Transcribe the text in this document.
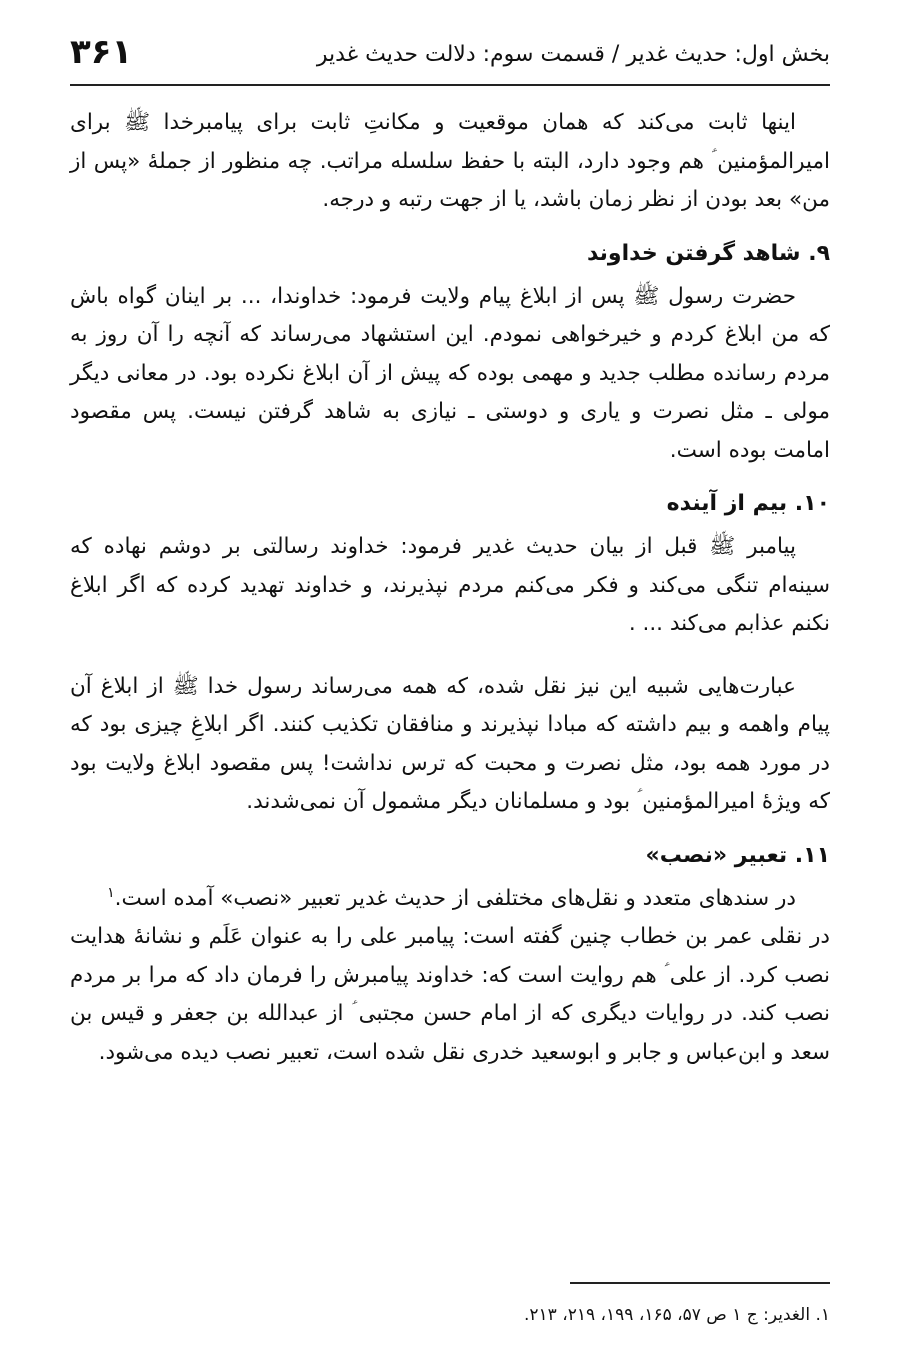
بخش اول: حدیث غدیر / قسمت سوم: دلالت حدیث غدیر
۳۶۱

اینها ثابت می‌کند که همان موقعیت و مکانتِ ثابت برای پیامبرخدا ﷺ برای امیرالمؤمنین ؑ هم وجود دارد، البته با حفظ سلسله مراتب. چه منظور از جملهٔ «پس از من» بعد بودن از نظر زمان باشد، یا از جهت رتبه و درجه.

۹. شاهد گرفتن خداوند

حضرت رسول ﷺ پس از ابلاغ پیام ولایت فرمود: خداوندا، ... بر اینان گواه باش که من ابلاغ کردم و خیرخواهی نمودم. این استشهاد می‌رساند که آنچه را آن روز به مردم رسانده مطلب جدید و مهمی بوده که پیش از آن ابلاغ نکرده بود. در معانی دیگر مولی ـ مثل نصرت و یاری و دوستی ـ نیازی به شاهد گرفتن نیست. پس مقصود امامت بوده است.

۱۰. بیم از آینده

پیامبر ﷺ قبل از بیان حدیث غدیر فرمود: خداوند رسالتی بر دوشم نهاده که سینه‌ام تنگی می‌کند و فکر می‌کنم مردم نپذیرند، و خداوند تهدید کرده که اگر ابلاغ نکنم عذابم می‌کند ... .

عبارت‌هایی شبیه این نیز نقل شده، که همه می‌رساند رسول خدا ﷺ از ابلاغ آن پیام واهمه و بیم داشته که مبادا نپذیرند و منافقان تکذیب کنند. اگر ابلاغِ چیزی بود که در مورد همه بود، مثل نصرت و محبت که ترس نداشت! پس مقصود ابلاغ ولایت بود که ویژهٔ امیرالمؤمنین ؑ بود و مسلمانان دیگر مشمول آن نمی‌شدند.

۱۱. تعبیر «نصب»

در سندهای متعدد و نقل‌های مختلفی از حدیث غدیر تعبیر «نصب» آمده است.$^۱$

در نقلی عمر بن خطاب چنین گفته است: پیامبر علی را به عنوان عَلَم و نشانهٔ هدایت نصب کرد. از علی ؑ هم روایت است که: خداوند پیامبرش را فرمان داد که مرا بر مردم نصب کند. در روایات دیگری که از امام حسن مجتبی ؑ از عبدالله بن جعفر و قیس بن سعد و ابن‌عباس و جابر و ابوسعید خدری نقل شده است، تعبیر نصب دیده می‌شود.

۱. الغدیر: ج ۱ ص ۵۷، ۱۶۵، ۱۹۹، ۲۱۹، ۲۱۳.
